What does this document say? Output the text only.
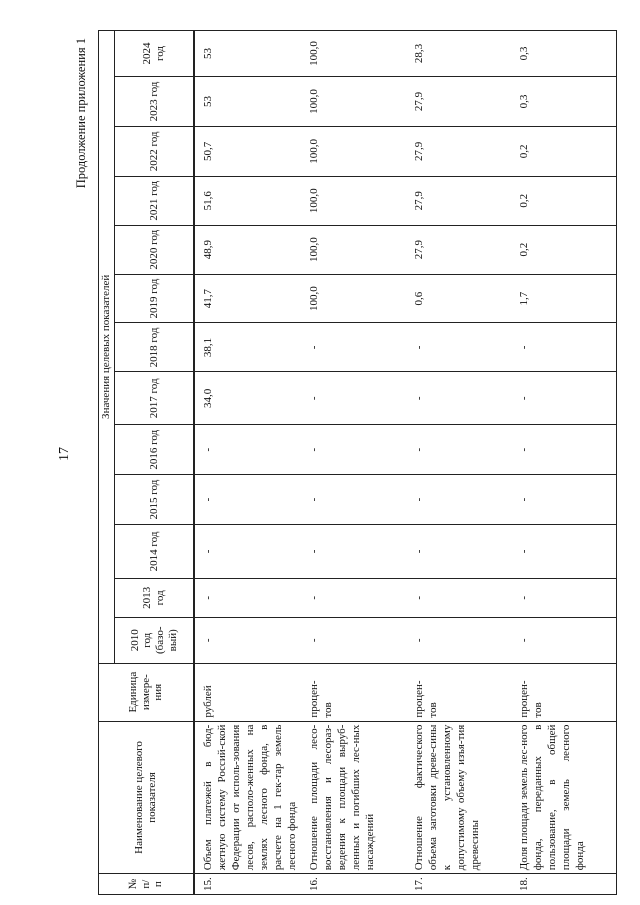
17
Продолжение приложения 1
№ п/п	Наименование целевого показателя	Единица измере-ния	Значения целевых показателей												
			2010 год (базо-вый)	2013 год	2014 год	2015 год	2016 год	2017 год	2018 год	2019 год	2020 год	2021 год	2022 год	2023 год	2024 год

15.	Объем платежей в бюд-жетную систему Россий-ской Федерации от исполь-зования лесов, располо-женных на землях лесного фонда, в расчете на 1 гек-тар земель лесного фонда	рублей	-	-	-	-	-	34,0	38,1	41,7	48,9	51,6	50,7	53	53
16.	Отношение площади лесо-восстановления и лесораз-ведения к площади выруб-ленных и погибших лес-ных насаждений	процен-тов	-	-	-	-	-	-	-	100,0	100,0	100,0	100,0	100,0	100,0
17.	Отношение фактического объема заготовки древе-сины к установленному допустимому объему изъя-тия древесины	процен-тов	-	-	-	-	-	-	-	0,6	27,9	27,9	27,9	27,9	28,3
18.	Доля площади земель лес-ного фонда, переданных в пользование, в общей площади земель лесного фонда	процен-тов	-	-	-	-	-	-	-	1,7	0,2	0,2	0,2	0,3	0,3
